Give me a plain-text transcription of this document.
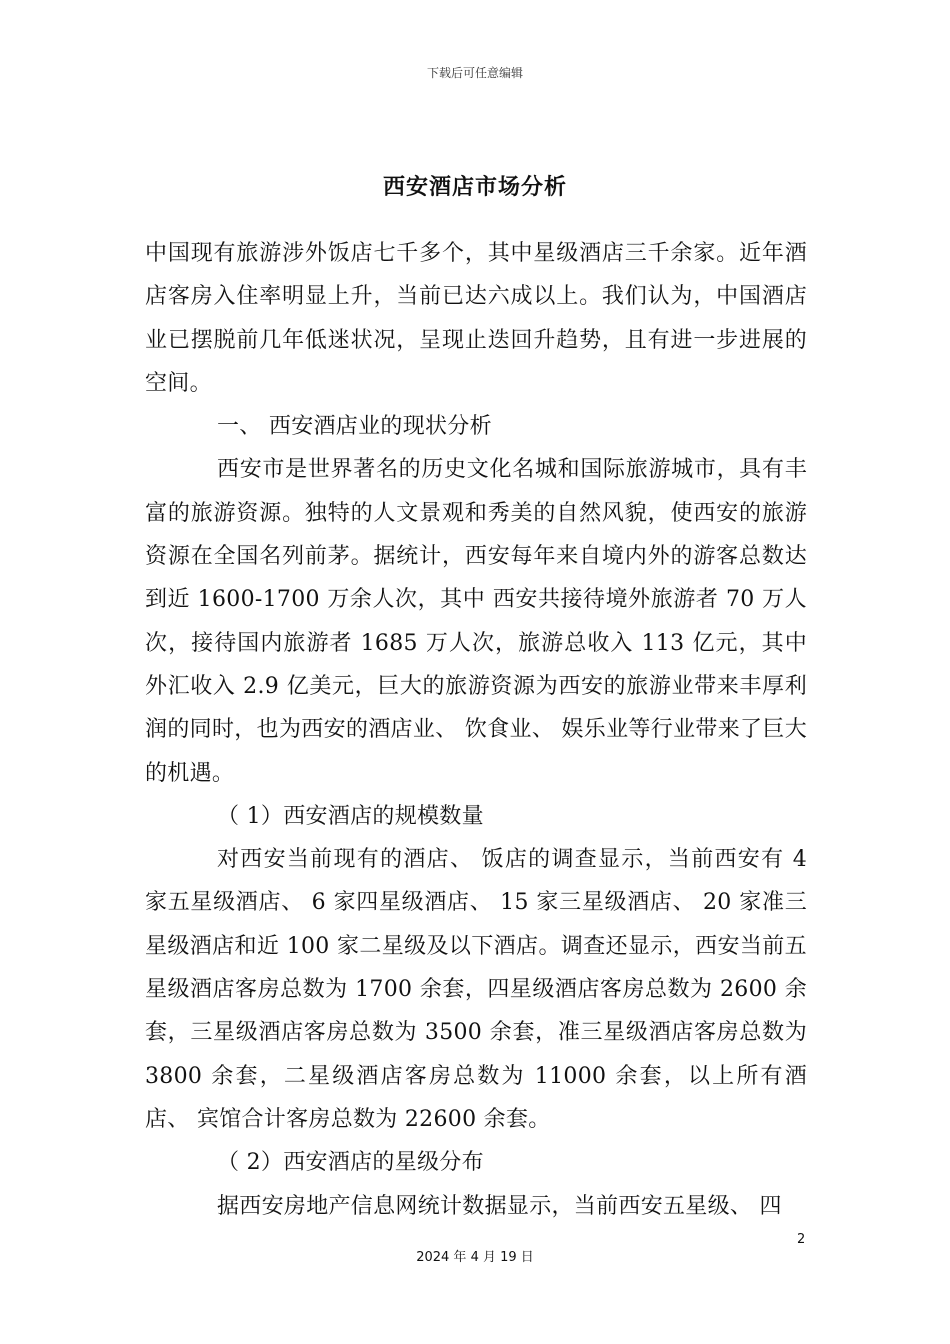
下载后可任意编辑
西安酒店市场分析

中国现有旅游涉外饭店七千多个，其中星级酒店三千余家。近年酒店客房入住率明显上升，当前已达六成以上。我们认为，中国酒店业已摆脱前几年低迷状况，呈现止迭回升趋势，且有进一步进展的空间。

一、 西安酒店业的现状分析

西安市是世界著名的历史文化名城和国际旅游城市，具有丰富的旅游资源。独特的人文景观和秀美的自然风貌，使西安的旅游资源在全国名列前茅。据统计，西安每年来自境内外的游客总数达到近 1600-1700 万余人次，其中 西安共接待境外旅游者 70 万人次，接待国内旅游者 1685 万人次，旅游总收入 113 亿元，其中外汇收入 2.9 亿美元，巨大的旅游资源为西安的旅游业带来丰厚利润的同时，也为西安的酒店业、 饮食业、 娱乐业等行业带来了巨大的机遇。

（ 1）西安酒店的规模数量

对西安当前现有的酒店、 饭店的调查显示，当前西安有 4 家五星级酒店、 6 家四星级酒店、 15 家三星级酒店、 20 家准三星级酒店和近 100 家二星级及以下酒店。调查还显示，西安当前五星级酒店客房总数为 1700 余套，四星级酒店客房总数为 2600 余套，三星级酒店客房总数为 3500 余套，准三星级酒店客房总数为 3800 余套，二星级酒店客房总数为 11000 余套，以上所有酒店、 宾馆合计客房总数为 22600 余套。

（ 2）西安酒店的星级分布

据西安房地产信息网统计数据显示，当前西安五星级、 四

2
2024 年 4 月 19 日
